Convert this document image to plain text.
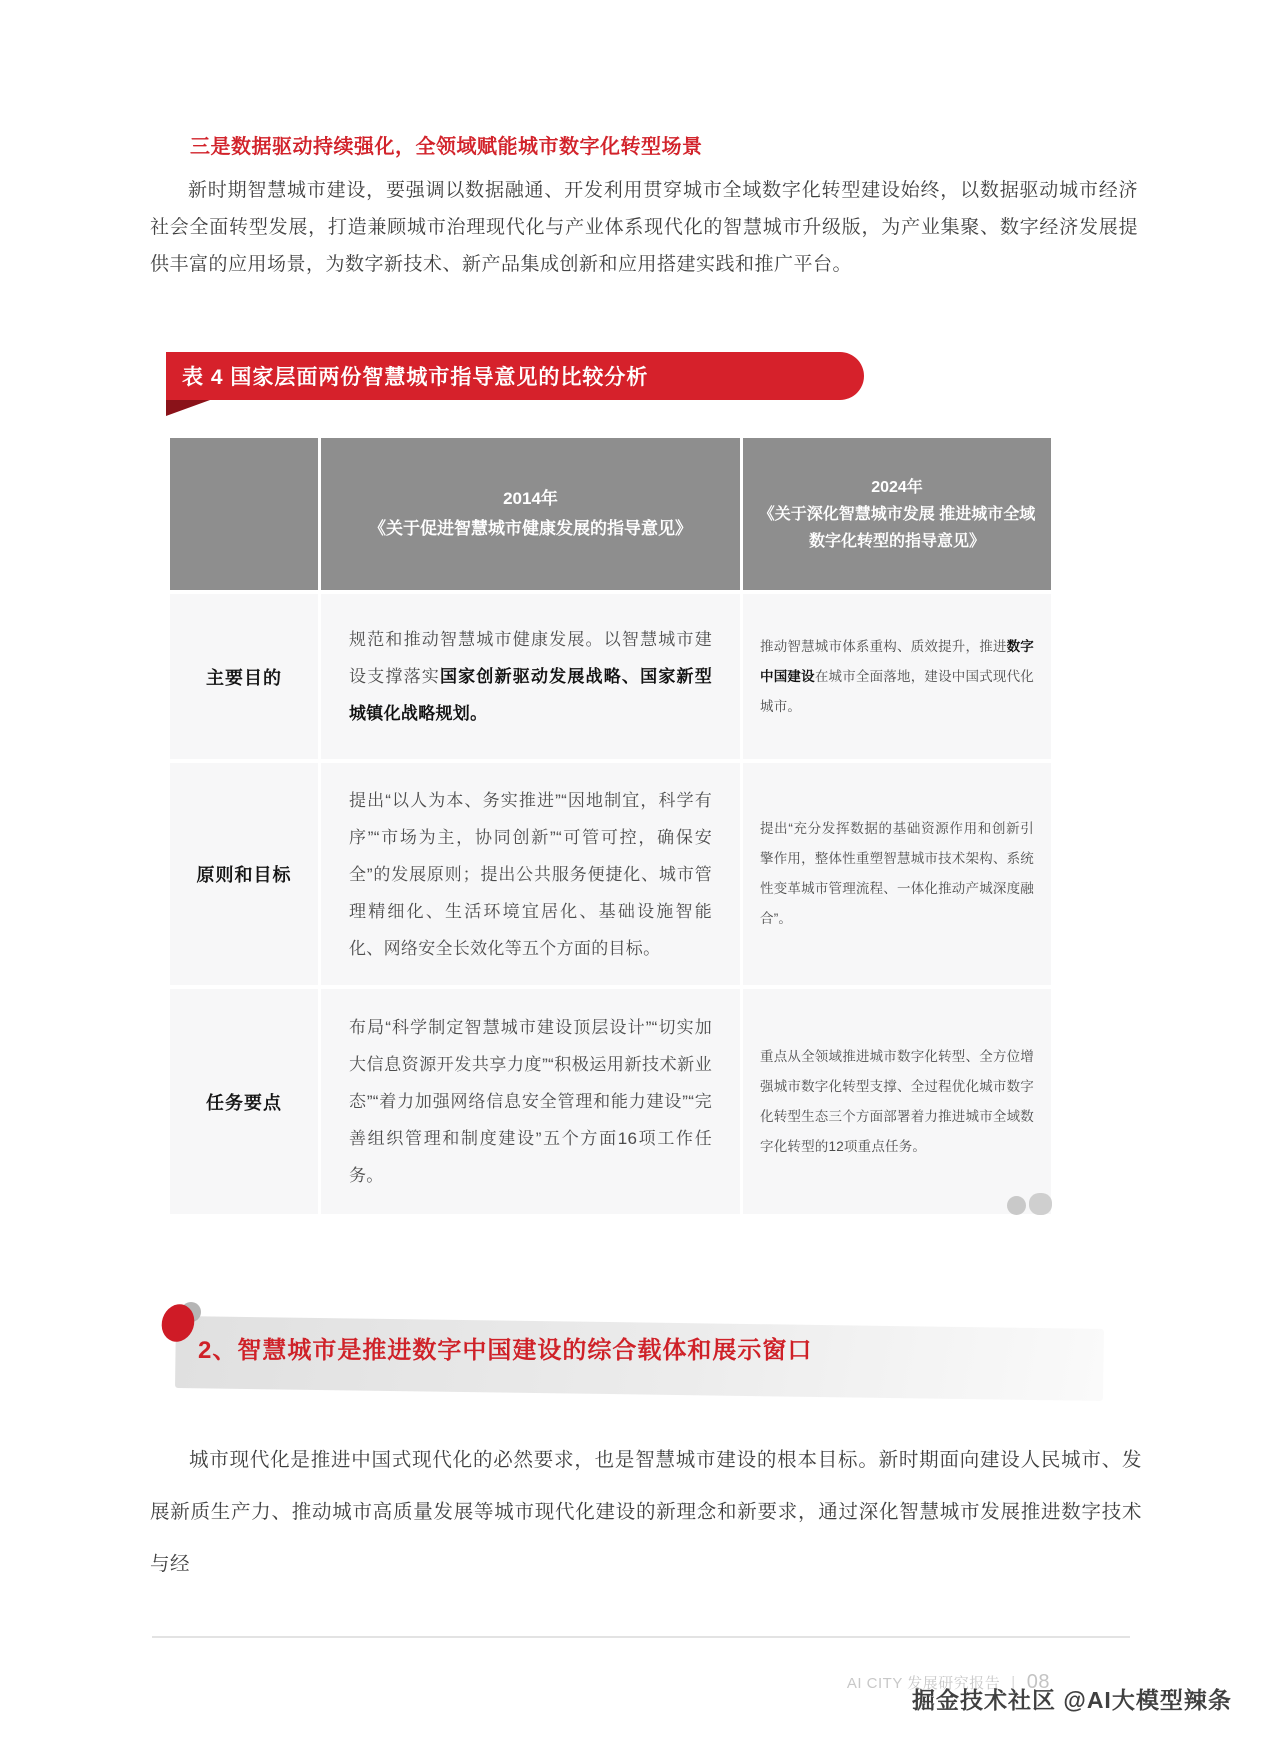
三是数据驱动持续强化，全领域赋能城市数字化转型场景
新时期智慧城市建设，要强调以数据融通、开发利用贯穿城市全域数字化转型建设始终，以数据驱动城市经济社会全面转型发展，打造兼顾城市治理现代化与产业体系现代化的智慧城市升级版，为产业集聚、数字经济发展提供丰富的应用场景，为数字新技术、新产品集成创新和应用搭建实践和推广平台。
表 4 国家层面两份智慧城市指导意见的比较分析
2014年
《关于促进智慧城市健康发展的指导意见》
2024年
《关于深化智慧城市发展 推进城市全域数字化转型的指导意见》
主要目的
规范和推动智慧城市健康发展。以智慧城市建设支撑落实国家创新驱动发展战略、国家新型城镇化战略规划。
推动智慧城市体系重构、质效提升，推进数字中国建设在城市全面落地，建设中国式现代化城市。
原则和目标
提出“以人为本、务实推进”“因地制宜，科学有序”“市场为主，协同创新”“可管可控，确保安全”的发展原则；提出公共服务便捷化、城市管理精细化、生活环境宜居化、基础设施智能化、网络安全长效化等五个方面的目标。
提出“充分发挥数据的基础资源作用和创新引擎作用，整体性重塑智慧城市技术架构、系统性变革城市管理流程、一体化推动产城深度融合”。
任务要点
布局“科学制定智慧城市建设顶层设计”“切实加大信息资源开发共享力度”“积极运用新技术新业态”“着力加强网络信息安全管理和能力建设”“完善组织管理和制度建设”五个方面16项工作任务。
重点从全领域推进城市数字化转型、全方位增强城市数字化转型支撑、全过程优化城市数字化转型生态三个方面部署着力推进城市全域数字化转型的12项重点任务。
2、智慧城市是推进数字中国建设的综合载体和展示窗口
城市现代化是推进中国式现代化的必然要求，也是智慧城市建设的根本目标。新时期面向建设人民城市、发展新质生产力、推动城市高质量发展等城市现代化建设的新理念和新要求，通过深化智慧城市发展推进数字技术与经
AI CITY 发展研究报告 丨 08
掘金技术社区 @AI大模型辣条
